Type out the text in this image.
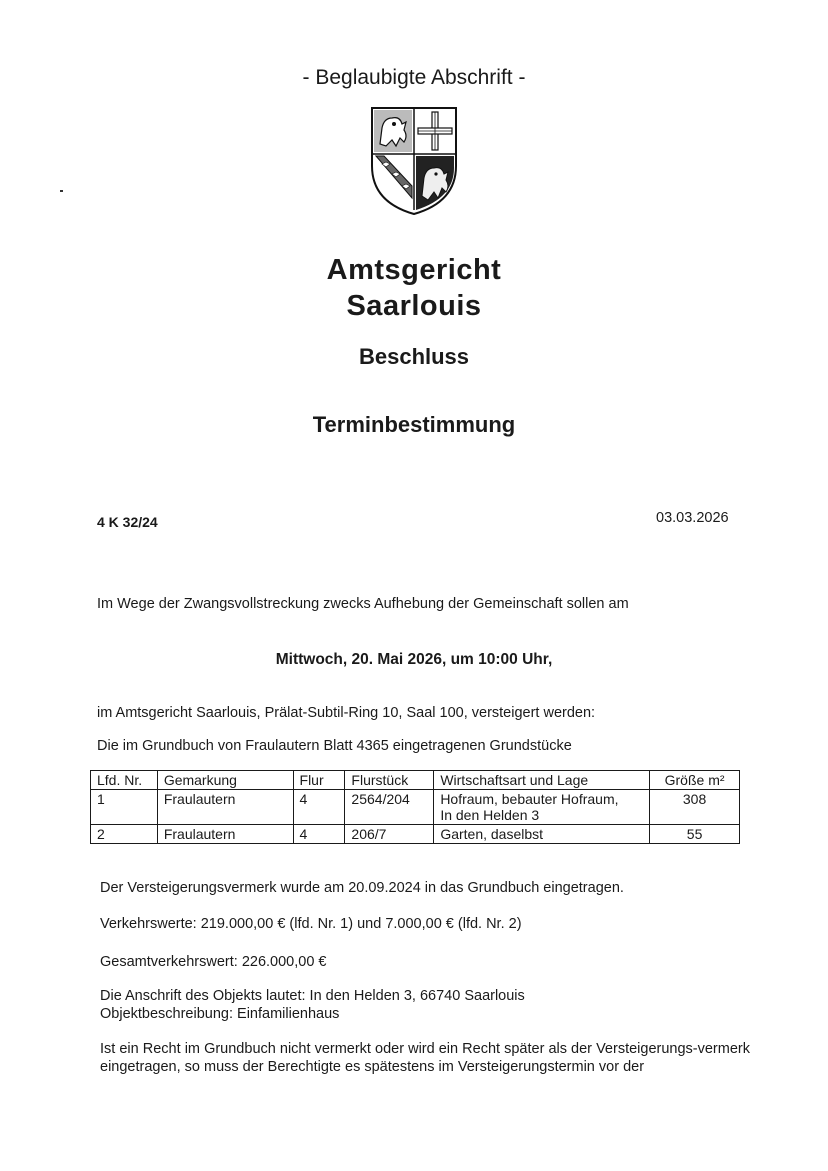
- Beglaubigte Abschrift -
Amtsgericht
Saarlouis
Beschluss
Terminbestimmung
4 K 32/24	03.03.2026
Im Wege der Zwangsvollstreckung zwecks Aufhebung der Gemeinschaft sollen am
Mittwoch, 20. Mai 2026, um 10:00 Uhr,
im Amtsgericht Saarlouis, Prälat-Subtil-Ring 10, Saal 100, versteigert werden:
Die im Grundbuch von Fraulautern Blatt 4365 eingetragenen Grundstücke
Lfd. Nr.	Gemarkung	Flur	Flurstück	Wirtschaftsart und Lage	Größe m²
1	Fraulautern	4	2564/204	Hofraum, bebauter Hofraum,
In den Helden 3	308
2	Fraulautern	4	206/7	Garten, daselbst	55
Der Versteigerungsvermerk wurde am 20.09.2024 in das Grundbuch eingetragen.
Verkehrswerte: 219.000,00 € (lfd. Nr. 1) und 7.000,00 € (lfd. Nr. 2)
Gesamtverkehrswert: 226.000,00 €
Die Anschrift des Objekts lautet: In den Helden 3, 66740 Saarlouis
Objektbeschreibung: Einfamilienhaus
Ist ein Recht im Grundbuch nicht vermerkt oder wird ein Recht später als der Versteigerungs-vermerk eingetragen, so muss der Berechtigte es spätestens im Versteigerungstermin vor der
